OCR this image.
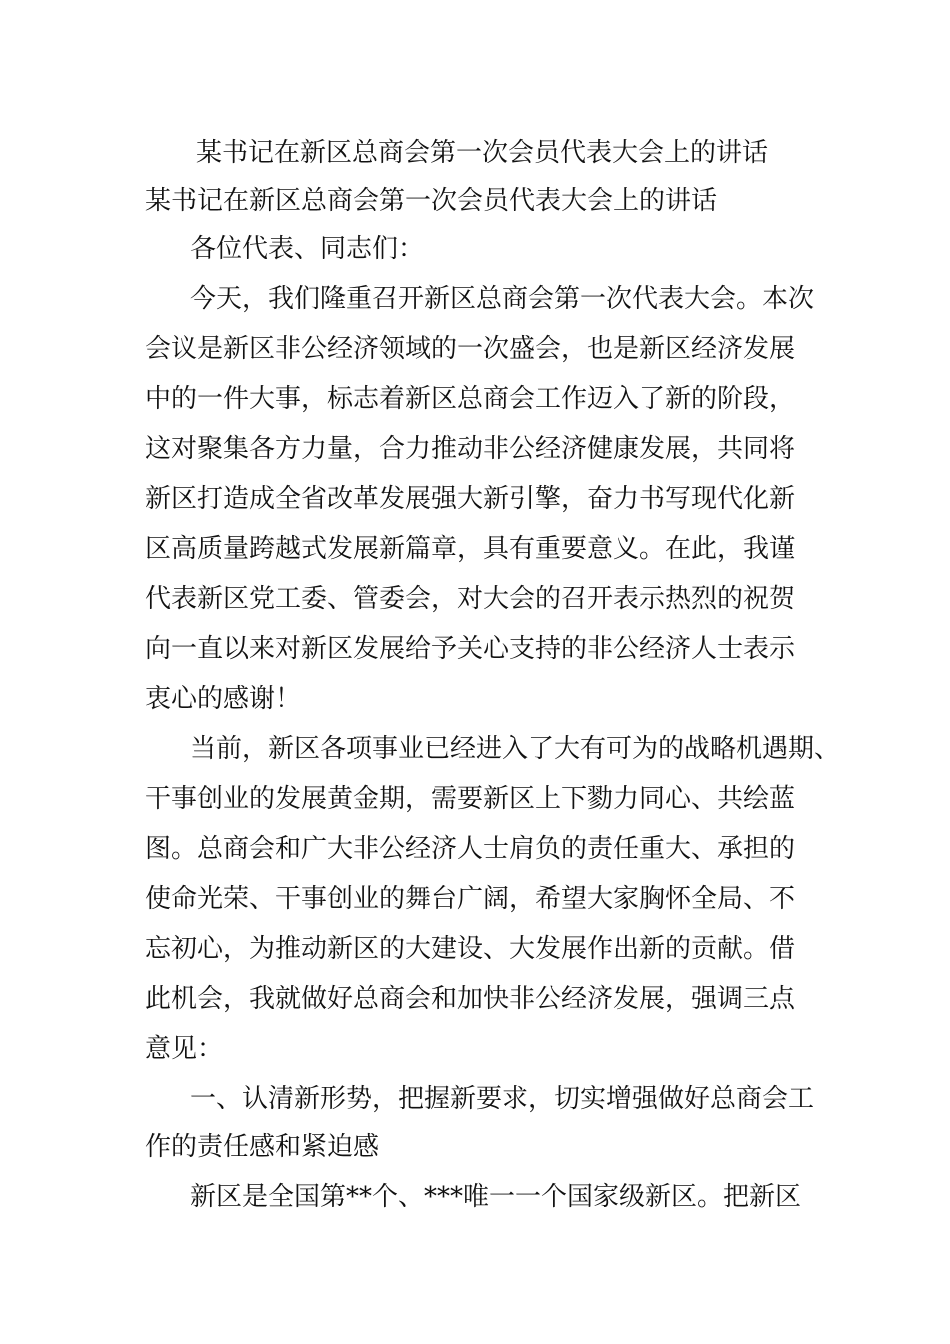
某书记在新区总商会第一次会员代表大会上的讲话
某书记在新区总商会第一次会员代表大会上的讲话
各位代表、同志们：
今天，我们隆重召开新区总商会第一次代表大会。本次
会议是新区非公经济领域的一次盛会，也是新区经济发展
中的一件大事，标志着新区总商会工作迈入了新的阶段，
这对聚集各方力量，合力推动非公经济健康发展，共同将
新区打造成全省改革发展强大新引擎，奋力书写现代化新
区高质量跨越式发展新篇章，具有重要意义。在此，我谨
代表新区党工委、管委会，对大会的召开表示热烈的祝贺
向一直以来对新区发展给予关心支持的非公经济人士表示
衷心的感谢！
当前，新区各项事业已经进入了大有可为的战略机遇期、
干事创业的发展黄金期，需要新区上下勠力同心、共绘蓝
图。总商会和广大非公经济人士肩负的责任重大、承担的
使命光荣、干事创业的舞台广阔，希望大家胸怀全局、不
忘初心，为推动新区的大建设、大发展作出新的贡献。借
此机会，我就做好总商会和加快非公经济发展，强调三点
意见：
一、认清新形势，把握新要求，切实增强做好总商会工
作的责任感和紧迫感
新区是全国第**个、***唯一一个国家级新区。把新区
